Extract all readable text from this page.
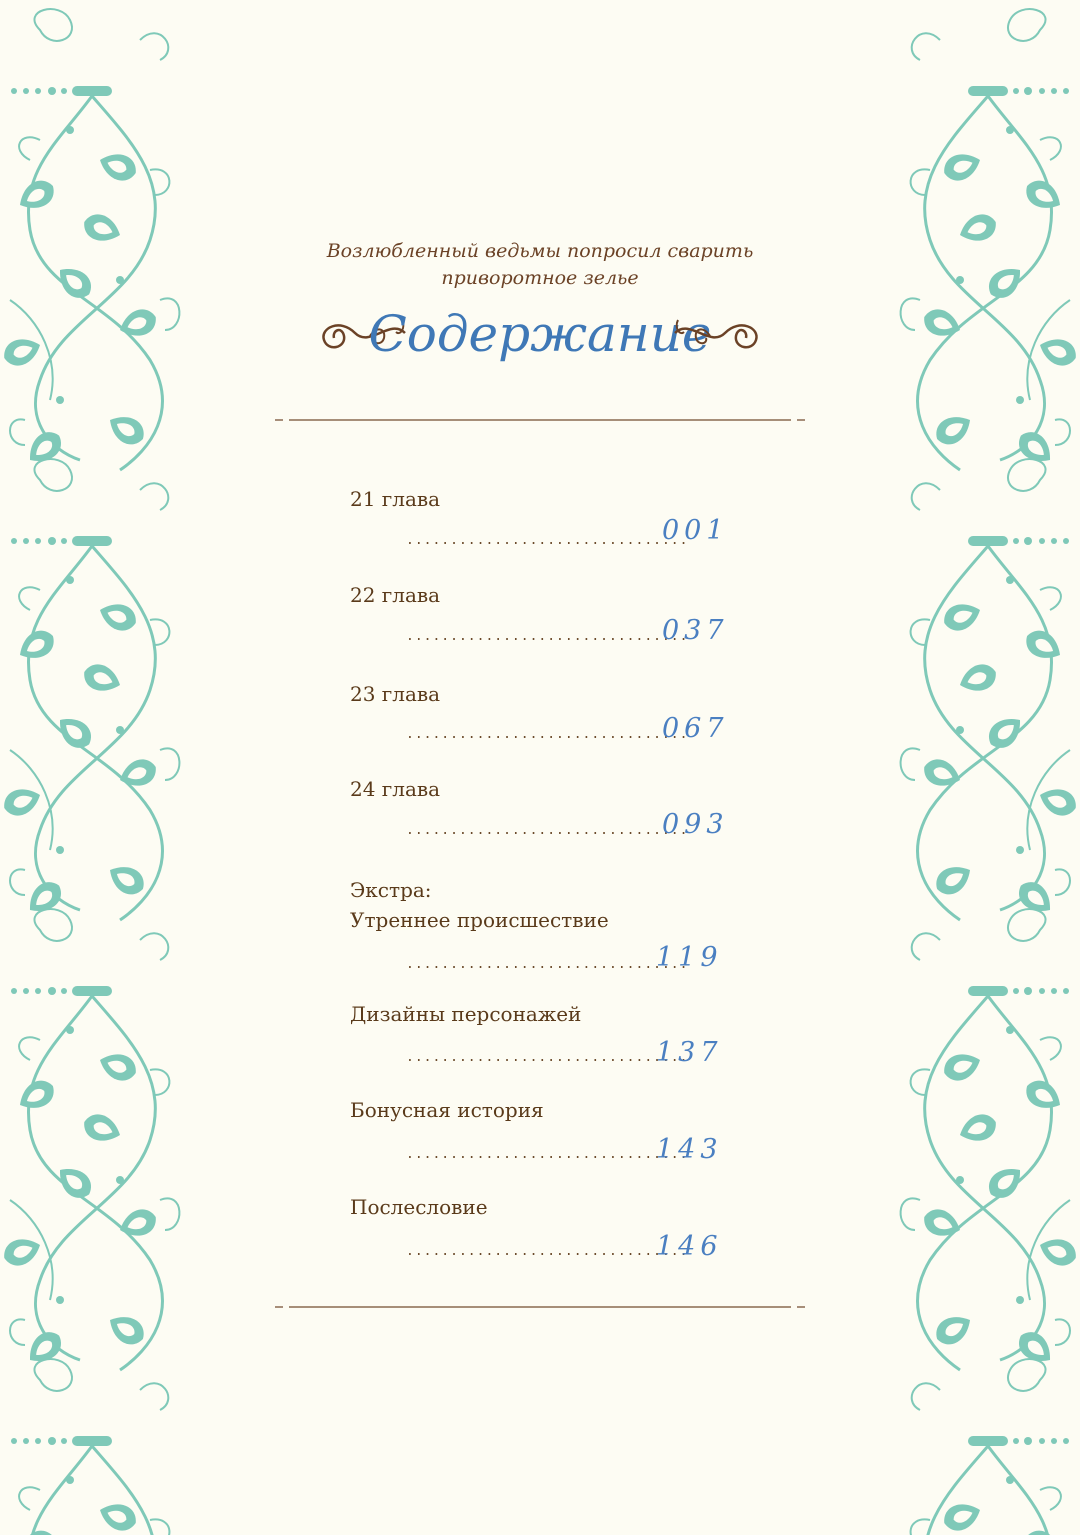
Возлюбленный ведьмы попросил сварить
приворотное зелье
Содержание
21 глава
................................
001
22 глава
................................
037
23 глава
................................
067
24 глава
................................
093
Экстра:
Утреннее происшествие
................................
119
Дизайны персонажей
................................
137
Бонусная история
................................
143
Послесловие
................................
146
